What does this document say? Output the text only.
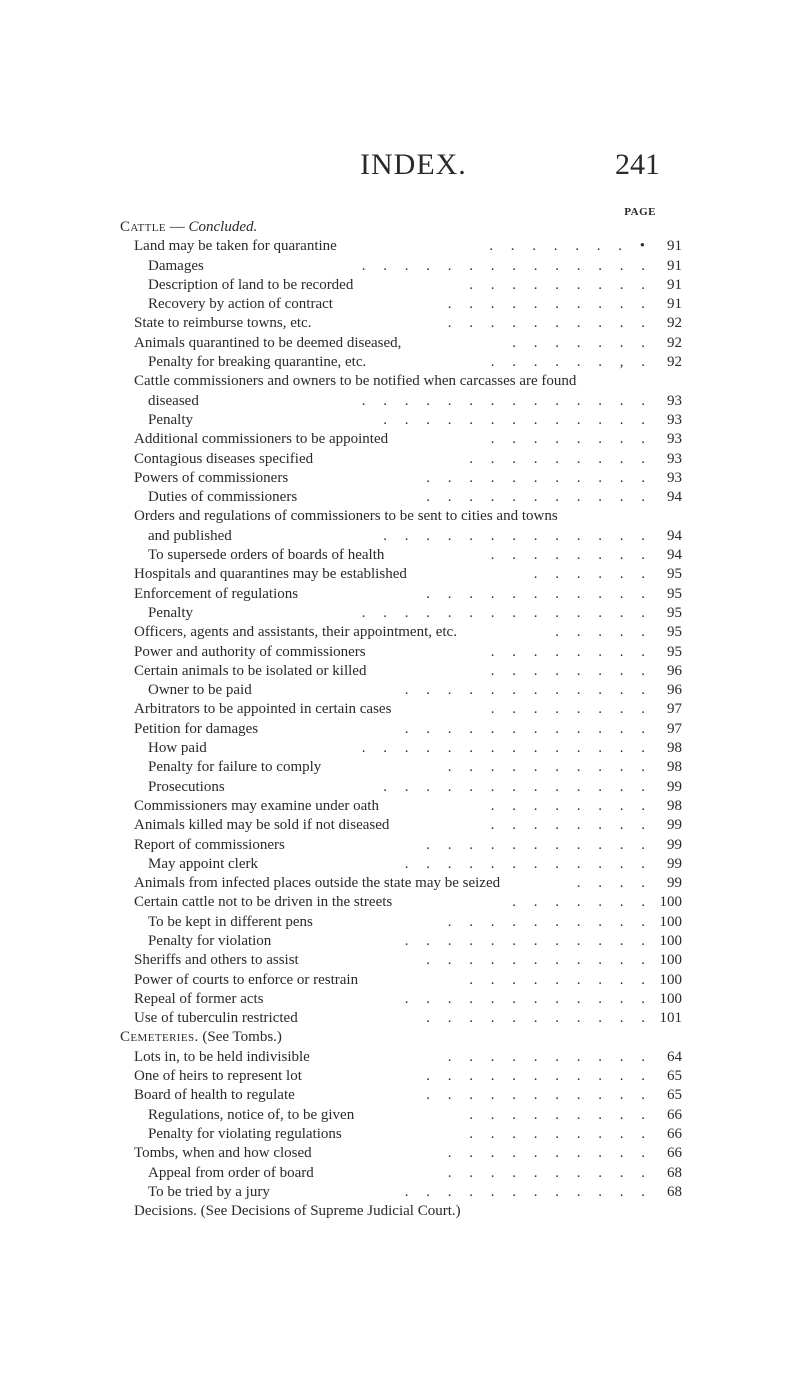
INDEX.	241
PAGE
Cattle — Concluded.
Land may be taken for quarantine	. . . . . . . •	91
Damages	. . . . . . . . . . . . . .	91
Description of land to be recorded	. . . . . . . . .	91
Recovery by action of contract	. . . . . . . . . .	91
State to reimburse towns, etc.	. . . . . . . . . .	92
Animals quarantined to be deemed diseased,	. . . . . . .	92
Penalty for breaking quarantine, etc.	. . . . . . , .	92
Cattle commissioners and owners to be notified when carcasses are found
diseased	. . . . . . . . . . . . . .	93
Penalty	. . . . . . . . . . . . .	93
Additional commissioners to be appointed	. . . . . . . .	93
Contagious diseases specified	. . . . . . . . .	93
Powers of commissioners	. . . . . . . . . . .	93
Duties of commissioners	. . . . . . . . . . .	94
Orders and regulations of commissioners to be sent to cities and towns
and published	. . . . . . . . . . . . .	94
To supersede orders of boards of health	. . . . . . . .	94
Hospitals and quarantines may be established	. . . . . .	95
Enforcement of regulations	. . . . . . . . . . .	95
Penalty	. . . . . . . . . . . . . .	95
Officers, agents and assistants, their appointment, etc.	. . . . .	95
Power and authority of commissioners	. . . . . . . .	95
Certain animals to be isolated or killed	. . . . . . . .	96
Owner to be paid	. . . . . . . . . . . .	96
Arbitrators to be appointed in certain cases	. . . . . . . .	97
Petition for damages	. . . . . . . . . . . .	97
How paid	. . . . . . . . . . . . . .	98
Penalty for failure to comply	. . . . . . . . . .	98
Prosecutions	. . . . . . . . . . . . .	99
Commissioners may examine under oath	. . . . . . . .	98
Animals killed may be sold if not diseased	. . . . . . . .	99
Report of commissioners	. . . . . . . . . . .	99
May appoint clerk	. . . . . . . . . . . .	99
Animals from infected places outside the state may be seized	. . . .	99
Certain cattle not to be driven in the streets	. . . . . . . 100
To be kept in different pens	. . . . . . . . . . 100
Penalty for violation	. . . . . . . . . . . . 100
Sheriffs and others to assist	. . . . . . . . . . . 100
Power of courts to enforce or restrain	. . . . . . . . . 100
Repeal of former acts	. . . . . . . . . . . . 100
Use of tuberculin restricted	. . . . . . . . . . . 101
Cemeteries. (See Tombs.)
Lots in, to be held indivisible	. . . . . . . . . .	64
One of heirs to represent lot	. . . . . . . . . . .	65
Board of health to regulate	. . . . . . . . . . .	65
Regulations, notice of, to be given	. . . . . . . . .	66
Penalty for violating regulations	. . . . . . . . .	66
Tombs, when and how closed	. . . . . . . . . .	66
Appeal from order of board	. . . . . . . . . .	68
To be tried by a jury	. . . . . . . . . . . .	68
Decisions. (See Decisions of Supreme Judicial Court.)
